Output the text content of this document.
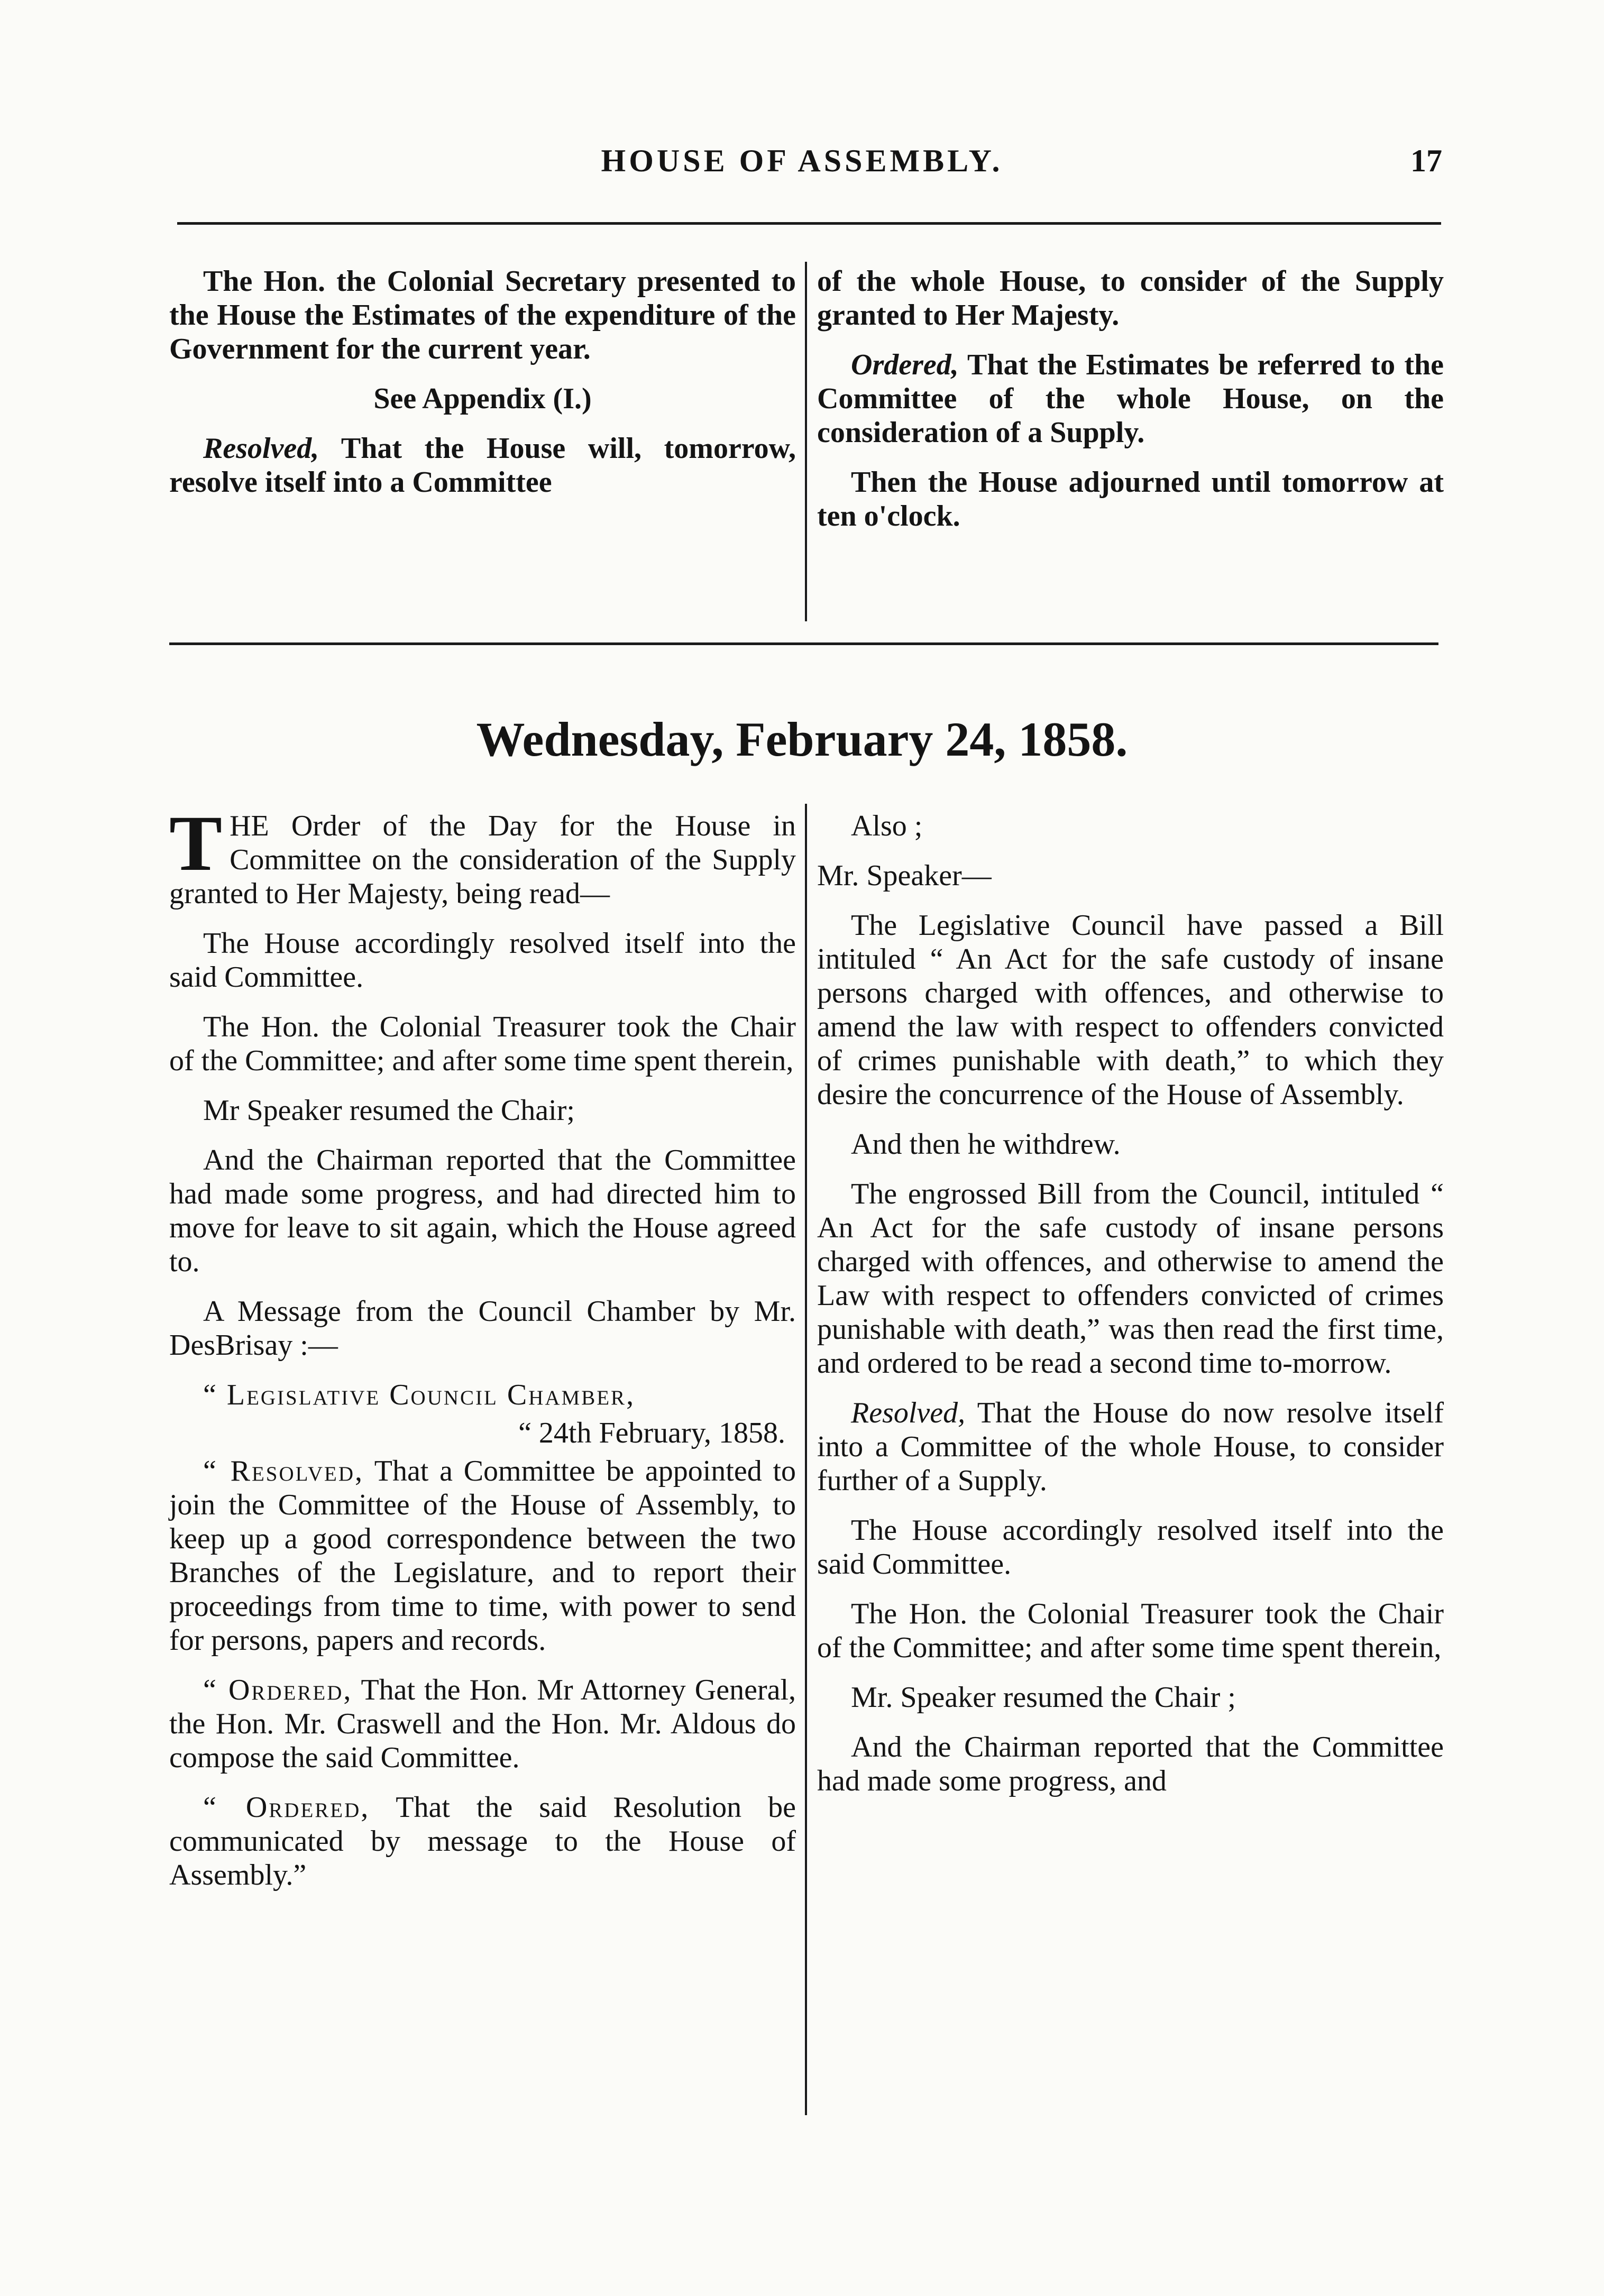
HOUSE OF ASSEMBLY.	17

The Hon. the Colonial Secretary presented to the House the Estimates of the expenditure of the Government for the current year.

See Appendix (I.)

Resolved, That the House will, tomorrow, resolve itself into a Committee

of the whole House, to consider of the Supply granted to Her Majesty.

Ordered, That the Estimates be referred to the Committee of the whole House, on the consideration of a Supply.

Then the House adjourned until tomorrow at ten o'clock.

Wednesday, February 24, 1858.

THE Order of the Day for the House in Committee on the consideration of the Supply granted to Her Majesty, being read—

The House accordingly resolved itself into the said Committee.

The Hon. the Colonial Treasurer took the Chair of the Committee; and after some time spent therein,

Mr Speaker resumed the Chair;

And the Chairman reported that the Committee had made some progress, and had directed him to move for leave to sit again, which the House agreed to.

A Message from the Council Chamber by Mr. DesBrisay :—

“ Legislative Council Chamber,

“ 24th February, 1858.

“ Resolved, That a Committee be appointed to join the Committee of the House of Assembly, to keep up a good correspondence between the two Branches of the Legislature, and to report their proceedings from time to time, with power to send for persons, papers and records.

“ Ordered, That the Hon. Mr Attorney General, the Hon. Mr. Craswell and the Hon. Mr. Aldous do compose the said Committee.

“ Ordered, That the said Resolution be communicated by message to the House of Assembly.”

Also ;

Mr. Speaker—

The Legislative Council have passed a Bill intituled “ An Act for the safe custody of insane persons charged with offences, and otherwise to amend the law with respect to offenders convicted of crimes punishable with death,” to which they desire the concurrence of the House of Assembly.

And then he withdrew.

The engrossed Bill from the Council, intituled “ An Act for the safe custody of insane persons charged with offences, and otherwise to amend the Law with respect to offenders convicted of crimes punishable with death,” was then read the first time, and ordered to be read a second time to-morrow.

Resolved, That the House do now resolve itself into a Committee of the whole House, to consider further of a Supply.

The House accordingly resolved itself into the said Committee.

The Hon. the Colonial Treasurer took the Chair of the Committee; and after some time spent therein,

Mr. Speaker resumed the Chair ;

And the Chairman reported that the Committee had made some progress, and
